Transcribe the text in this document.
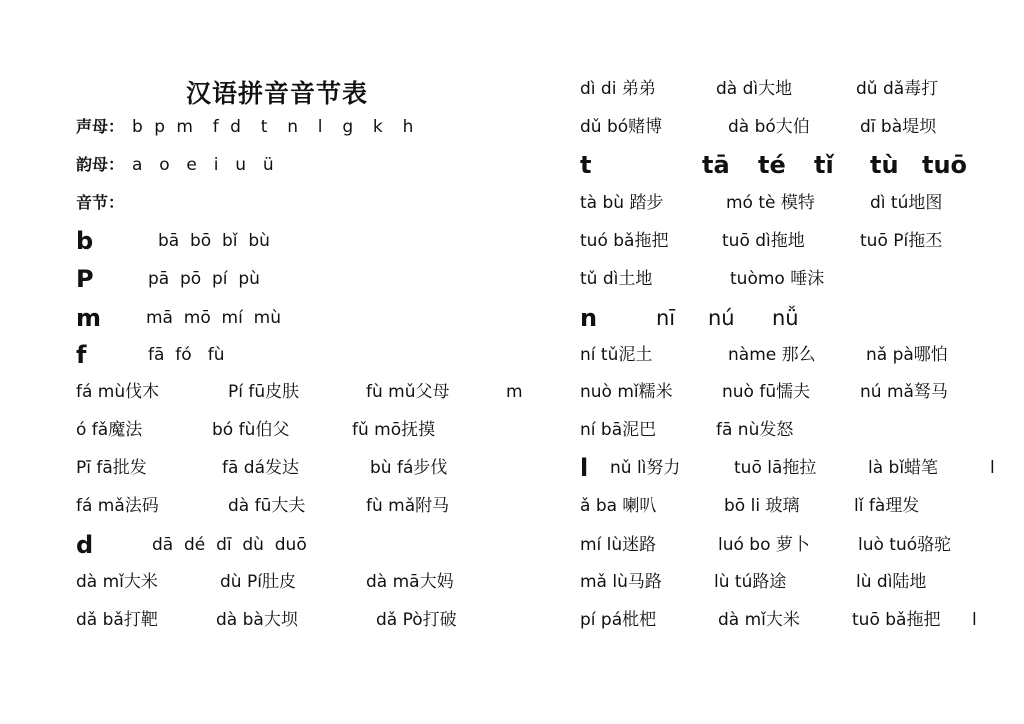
汉语拼音音节表
声母： b p m  f d  t  n  l  g  k  h
韵母： a  o  e  i  u  ü
音节：
b	bā  bō  bǐ  bù
P	pā  pō  pí  pù
m	mā  mō  mí  mù
f	fā  fó   fù
fá mù伐木	Pí fū皮肤	fù mǔ父母	m
ó fǎ魔法	bó fù伯父	fǔ mō抚摸
Pī fā批发	fā dá发达	bù fá步伐
fá mǎ法码	dà fū大夫	fù mǎ附马
d	dā  dé  dī  dù  duō
dà mǐ大米	dù Pí肚皮	dà mā大妈
dǎ bǎ打靶	dà bà大坝	dǎ Pò打破
dì di 弟弟	dà dì大地	dǔ dǎ毒打
dǔ bó赌博	dà bó大伯	dī bà堤坝
t	tā té tǐ tù tuō
tà bù 踏步	mó tè 模特	dì tú地图
tuó bǎ拖把	tuō dì拖地	tuō Pí拖丕
tǔ dì土地	tuòmo 唾沫
n	nī nú nǚ
ní tǔ泥土	nàme 那么	nǎ pà哪怕
nuò mǐ糯米	nuò fū懦夫	nú mǎ驽马
ní bā泥巴	fā nù发怒
l nǔ lì努力	tuō lā拖拉	là bǐ蜡笔	l
ǎ ba 喇叭	bō li 玻璃	lǐ fà理发
mí lù迷路	luó bo 萝卜	luò tuó骆驼
mǎ lù马路	lù tú路途	lù dì陆地
pí pá枇杷	dà mǐ大米	tuō bǎ拖把 l
